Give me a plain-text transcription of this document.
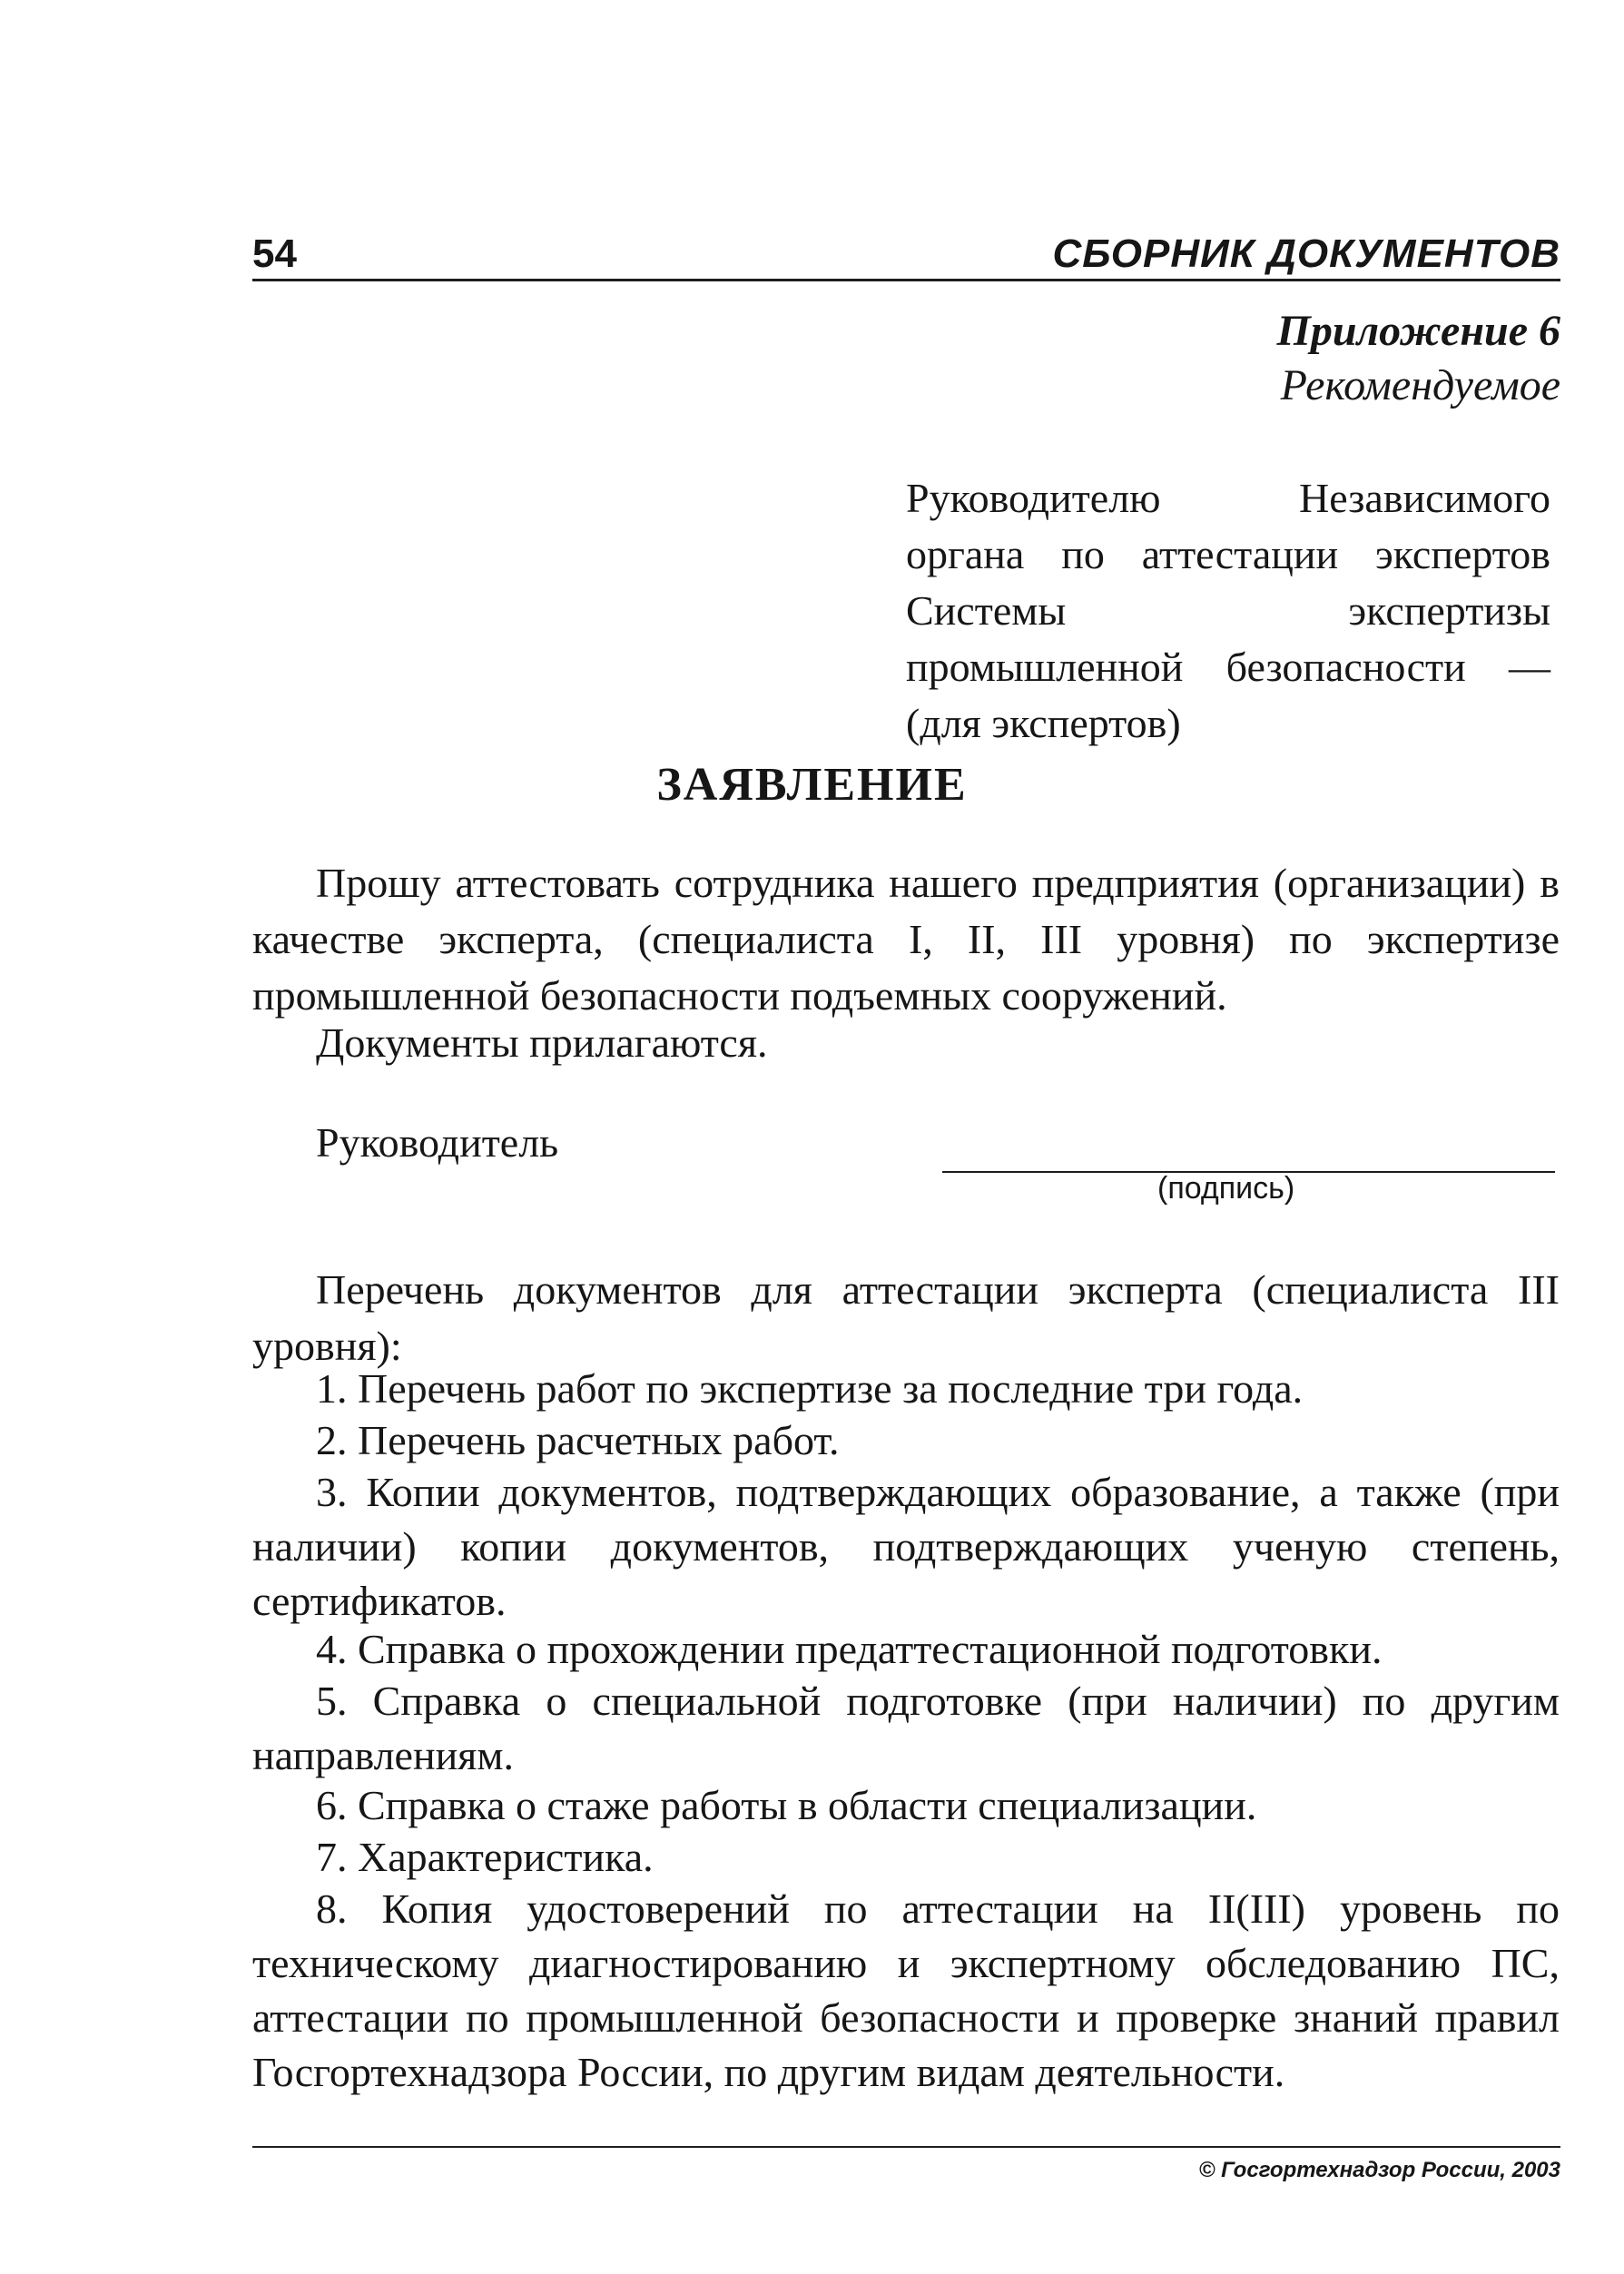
54	СБОРНИК ДОКУМЕНТОВ
Приложение 6
Рекомендуемое
Руководителю Независимого органа по аттестации экспертов Системы экспертизы промышленной безопасности — (для экспертов)
ЗАЯВЛЕНИЕ
Прошу аттестовать сотрудника нашего предприятия (организации) в качестве эксперта, (специалиста I, II, III уровня) по экспертизе промышленной безопасности подъемных сооружений.
Документы прилагаются.
Руководитель
(подпись)
Перечень документов для аттестации эксперта (специалиста III уровня):
1. Перечень работ по экспертизе за последние три года.
2. Перечень расчетных работ.
3. Копии документов, подтверждающих образование, а также (при наличии) копии документов, подтверждающих ученую степень, сертификатов.
4. Справка о прохождении предаттестационной подготовки.
5. Справка о специальной подготовке (при наличии) по другим направлениям.
6. Справка о стаже работы в области специализации.
7. Характеристика.
8. Копия удостоверений по аттестации на II(III) уровень по техническому диагностированию и экспертному обследованию ПС, аттестации по промышленной безопасности и проверке знаний правил Госгортехнадзора России, по другим видам деятельности.
© Госгортехнадзор России, 2003
